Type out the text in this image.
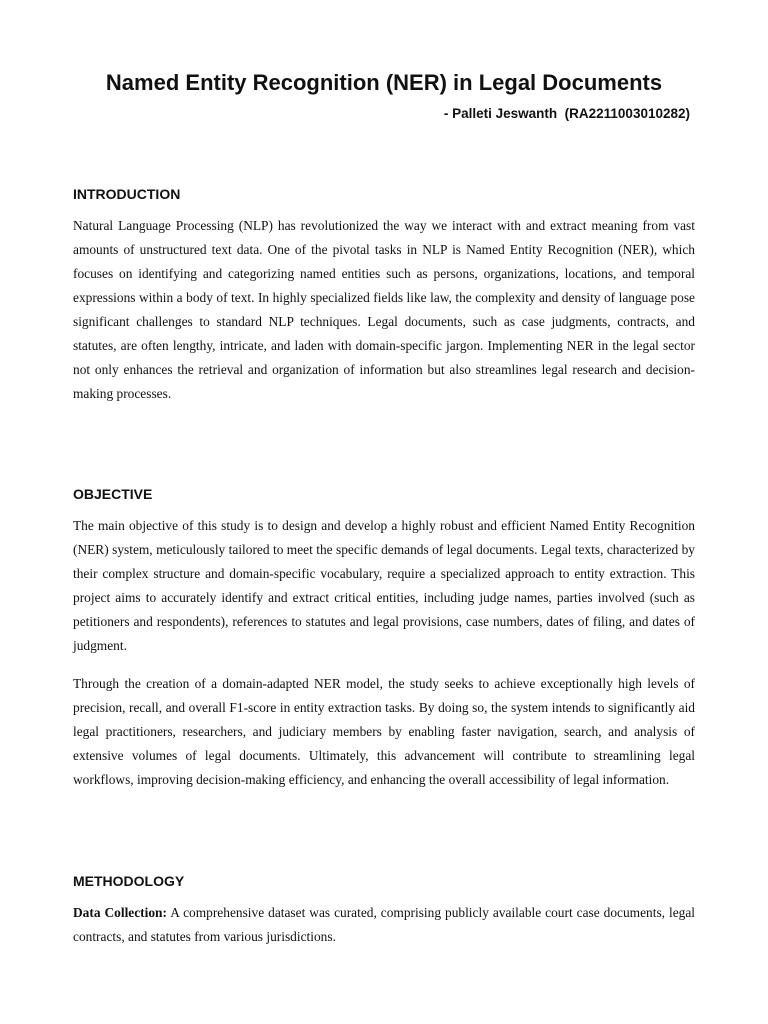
Named Entity Recognition (NER) in Legal Documents
- Palleti Jeswanth  (RA2211003010282)
INTRODUCTION

Natural Language Processing (NLP) has revolutionized the way we interact with and extract meaning from vast amounts of unstructured text data. One of the pivotal tasks in NLP is Named Entity Recognition (NER), which focuses on identifying and categorizing named entities such as persons, organizations, locations, and temporal expressions within a body of text. In highly specialized fields like law, the complexity and density of language pose significant challenges to standard NLP techniques. Legal documents, such as case judgments, contracts, and statutes, are often lengthy, intricate, and laden with domain-specific jargon. Implementing NER in the legal sector not only enhances the retrieval and organization of information but also streamlines legal research and decision-making processes.

OBJECTIVE

The main objective of this study is to design and develop a highly robust and efficient Named Entity Recognition (NER) system, meticulously tailored to meet the specific demands of legal documents. Legal texts, characterized by their complex structure and domain-specific vocabulary, require a specialized approach to entity extraction. This project aims to accurately identify and extract critical entities, including judge names, parties involved (such as petitioners and respondents), references to statutes and legal provisions, case numbers, dates of filing, and dates of judgment.

Through the creation of a domain-adapted NER model, the study seeks to achieve exceptionally high levels of precision, recall, and overall F1-score in entity extraction tasks. By doing so, the system intends to significantly aid legal practitioners, researchers, and judiciary members by enabling faster navigation, search, and analysis of extensive volumes of legal documents. Ultimately, this advancement will contribute to streamlining legal workflows, improving decision-making efficiency, and enhancing the overall accessibility of legal information.

METHODOLOGY

Data Collection: A comprehensive dataset was curated, comprising publicly available court case documents, legal contracts, and statutes from various jurisdictions.
